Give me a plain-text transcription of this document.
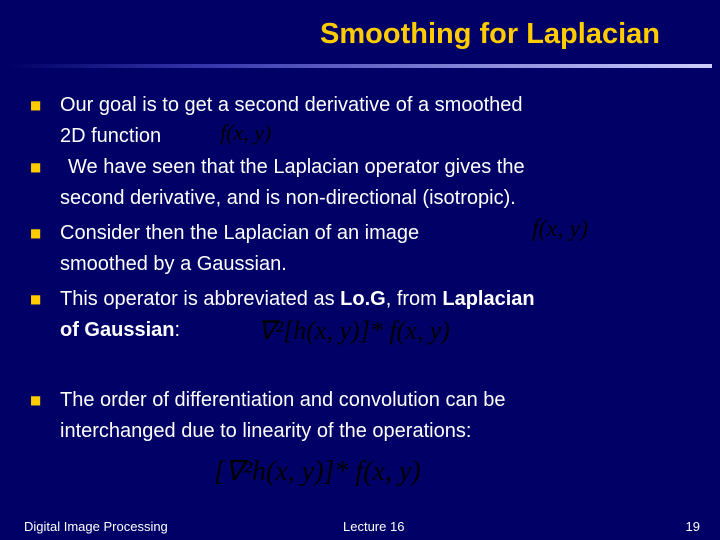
Smoothing for Laplacian
■ Our goal is to get a second derivative of a smoothed
2D function	f(x, y)
■	We have seen that the Laplacian operator gives the
second derivative, and is non-directional (isotropic).
■ Consider then the Laplacian of an image
smoothed by a Gaussian.
f(x, y)
■ This operator is abbreviated as Lo.G, from Laplacian
of Gaussian:	∇²[h(x, y)]* f(x, y)
■ The order of differentiation and convolution can be
interchanged due to linearity of the operations:
[∇²h(x, y)]* f(x, y)
Digital Image Processing	Lecture 16	19
